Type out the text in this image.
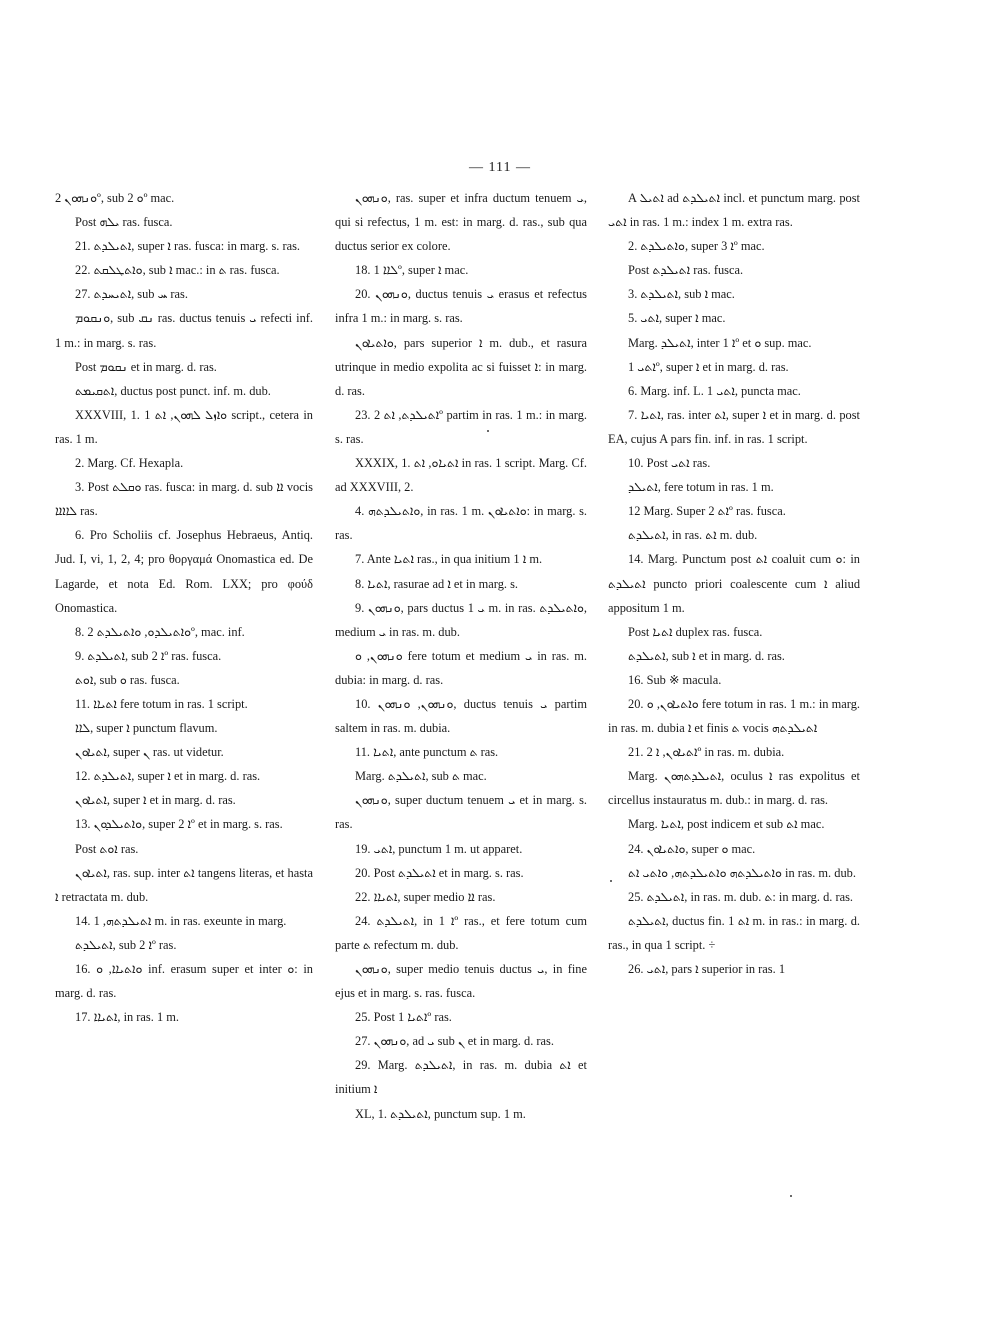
— 111 —

ܘܢܗܘܢ 2º, sub ܘ 2º mac.

Post ܝܠܗ ras. fusca.

21. ܐܬܝܠܕܬ, super ܐ ras. fusca: in marg. s. ras.

22. ܘܐܬܛܠܩܬ, sub ܐ mac.: in ܬ ras. fusca.

27. ܐܬܝܚܕܬ, sub ܚ ras.

ܘܢܩܘܡ, sub ܢܩ ras. ductus tenuis ܝ refecti inf. 1 m.: in marg. s. ras.

Post ܢܩܘܡ et in marg. d. ras.

ܐܬܩܝܡܬ, ductus post punct. inf. m. dub.

XXXVIII, 1. ܘܐܙܠ ܠܗܘܢ, ܐܬ 1 script., cetera in ras. 1 m.

2. Marg. Cf. Hexapla.

3. Post ܘܩܠܬ ras. fusca: in marg. d. sub ܐܐ vocis ܠܐܐܐܐ ras.

6. Pro Scholiis cf. Josephus Hebraeus, Antiq. Jud. I, vi, 1, 2, 4; pro θοργαμά Onomastica ed. De Lagarde, et nota Ed. Rom. LXX; pro φούδ Onomastica.

8. ܘܐܬܝܠܕܘ, ܘܐܬܝܠܕܬ 2º, mac. inf.

9. ܐܬܝܠܕܬ, sub ܐ 2º ras. fusca.

ܐܘܬ, sub ܘ ras. fusca.

11. ܐܬܝܐܐ fere totum in ras. 1 script.

ܠܐܐ, super ܐ punctum flavum.

ܐܬܝܐܘܢ, super ܢ ras. ut videtur.

12. ܐܬܝܠܕܬ, super ܐ et in marg. d. ras.

ܐܬܝܐܘܢ, super ܐ et in marg. d. ras.

13. ܘܐܬܝܠܕܘܢ, super ܐ 2º et in marg. s. ras.

Post ܐܘܬ ras.

ܐܬܝܐܘܢ, ras. sup. inter ܐܬ tangens literas, et hasta ܐ retractata m. dub.

14. ܐܬܝܠܕܬܗ, 1 m. in ras. exeunte in marg.

ܐܬܝܠܕܬ, sub ܐ 2º ras.

16. ܘܐܬܝܐܐ, ܘ inf. erasum super et inter ܘ: in marg. d. ras.

17. ܐܬܝܐܐ, in ras. 1 m.

ܘܢܗܘܢ, ras. super et infra ductum tenuem ܝ, qui si refectus, 1 m. est: in marg. d. ras., sub qua ductus serior ex colore.

18. ܠܐܐ 1º, super ܐ mac.

20. ܘܢܗܘܢ, ductus tenuis ܝ erasus et refectus infra 1 m.: in marg. s. ras.

ܘܐܬܝܐܘܢ, pars superior ܐ m. dub., et rasura utrinque in medio expolita ac si fuisset ܐ: in marg. d. ras.

23. ܐܬܝܠܕܬ, ܐܬ 2º partim in ras. 1 m.: in marg. s. ras.

XXXIX, 1. ܐܬܝܐܘ, ܐܬ in ras. 1 script. Marg. Cf. ad XXXVIII, 2.

4. ܘܐܬܝܠܕܬܗ, in ras. 1 m. ܘܐܬܝܐܘܢ: in marg. s. ras.

7. Ante ܐܬܝܐ ras., in qua initium ܐ 1 m.

8. ܐܬܝܐ, rasurae ad ܐ et in marg. s.

9. ܘܢܗܘܢ, pars ductus ܝ 1 m. in ras. ܘܐܬܝܠܕܬ, medium ܝ in ras. m. dub.

ܘܢܗܘܢ, ܘ fere totum et medium ܝ in ras. m. dubia: in marg. d. ras.

10. ܘܢܗܘܢ, ܘܢܗܘܢ, ductus tenuis ܝ partim saltem in ras. m. dubia.

11. ܐܬܝܐ, ante punctum ܬ ras.

Marg. ܐܬܝܠܕܬ, sub ܬ mac.

ܘܢܗܘܢ, super ductum tenuem ܝ et in marg. s. ras.

19. ܐܬܝ, punctum 1 m. ut apparet.

20. Post ܐܬܝܠܕܬ et in marg. s. ras.

22. ܐܬܝܐܐ, super medio ܐܐ ras.

24. ܐܬܝܠܕܬ, in ܐ 1º ras., et fere totum cum parte ܬ refectum m. dub.

ܘܢܗܘܢ, super medio tenuis ductus ܝ, in fine ejus et in marg. s. ras. fusca.

25. Post ܐܬܝܐ 1º ras.

27. ܘܢܗܘܢ, ad ܝ sub ܢ et in marg. d. ras.

29. Marg. ܐܬܝܠܕܬ, in ras. m. dubia ܐܬ et initium ܐ

XL, 1. ܐܬܝܠܕܬ, punctum sup. 1 m.

A ܐܬܝܠ ad ܐܬܝܠܕܬ incl. et punctum marg. post ܐܬܝ in ras. 1 m.: index 1 m. extra ras.

2. ܘܐܬܝܠܕܬ, super ܐ 3º mac.

Post ܐܬܝܠܕܬ ras. fusca.

3. ܐܬܝܠܕܬ, sub ܐ mac.

5. ܐܬܝ, super ܐ mac.

Marg. ܐܬܝܠܕ, inter ܐ 1º et ܘ sup. mac.

ܐܬܝ 1º, super ܐ et in marg. d. ras.

6. Marg. inf. L. 1 ܐܬܝ, puncta mac.

7. ܐܬܝܐ, ras. inter ܐܬ, super ܐ et in marg. d. post EA, cujus A pars fin. inf. in ras. 1 script.

10. Post ܐܬܝ ras.

ܐܬܝܠܕ, fere totum in ras. 1 m.

12 Marg. Super ܐܬ 2º ras. fusca.

ܐܬܝܠܕܬ, in ras. ܐܬ m. dub.

14. Marg. Punctum post ܐܬ coaluit cum ܘ: in ܐܬܝܠܕܬ puncto priori coalescente cum ܐ aliud appositum 1 m.

Post ܐܬܝܐ duplex ras. fusca.

ܐܬܝܠܕܬ, sub ܐ et in marg. d. ras.

16. Sub ※ macula.

20. ܘܐܬܝܐܘܢ, ܘ fere totum in ras. 1 m.: in marg. in ras. m. dubia ܐ et finis ܬ vocis ܐܬܝܠܕܬܗ

21. ܐܬܝܐܘܢ, ܐ 2º in ras. m. dubia.

Marg. ܐܬܝܠܕܬܗܘܢ, oculus ܐ ras expolitus et circellus instauratus m. dub.: in marg. d. ras.

Marg. ܐܬܝܐ, post indicem et sub ܐܬ mac.

24. ܘܐܬܝܐܘܢ, super ܘ mac.

ܘܐܬܝܠܕܬܗ ܘܐܬܝܠܕܬܗ, ܘܐܬܝ ܐܬ in ras. m. dub.

25. ܐܬܝܠܕܬ, in ras. m. dub. ܬ: in marg. d. ras.

ܐܬܝܠܕܬ, ductus fin. ܐܬ 1 m. in ras.: in marg. d. ras., in qua 1 script. ÷

26. ܐܬܝ, pars ܐ superior in ras. 1
